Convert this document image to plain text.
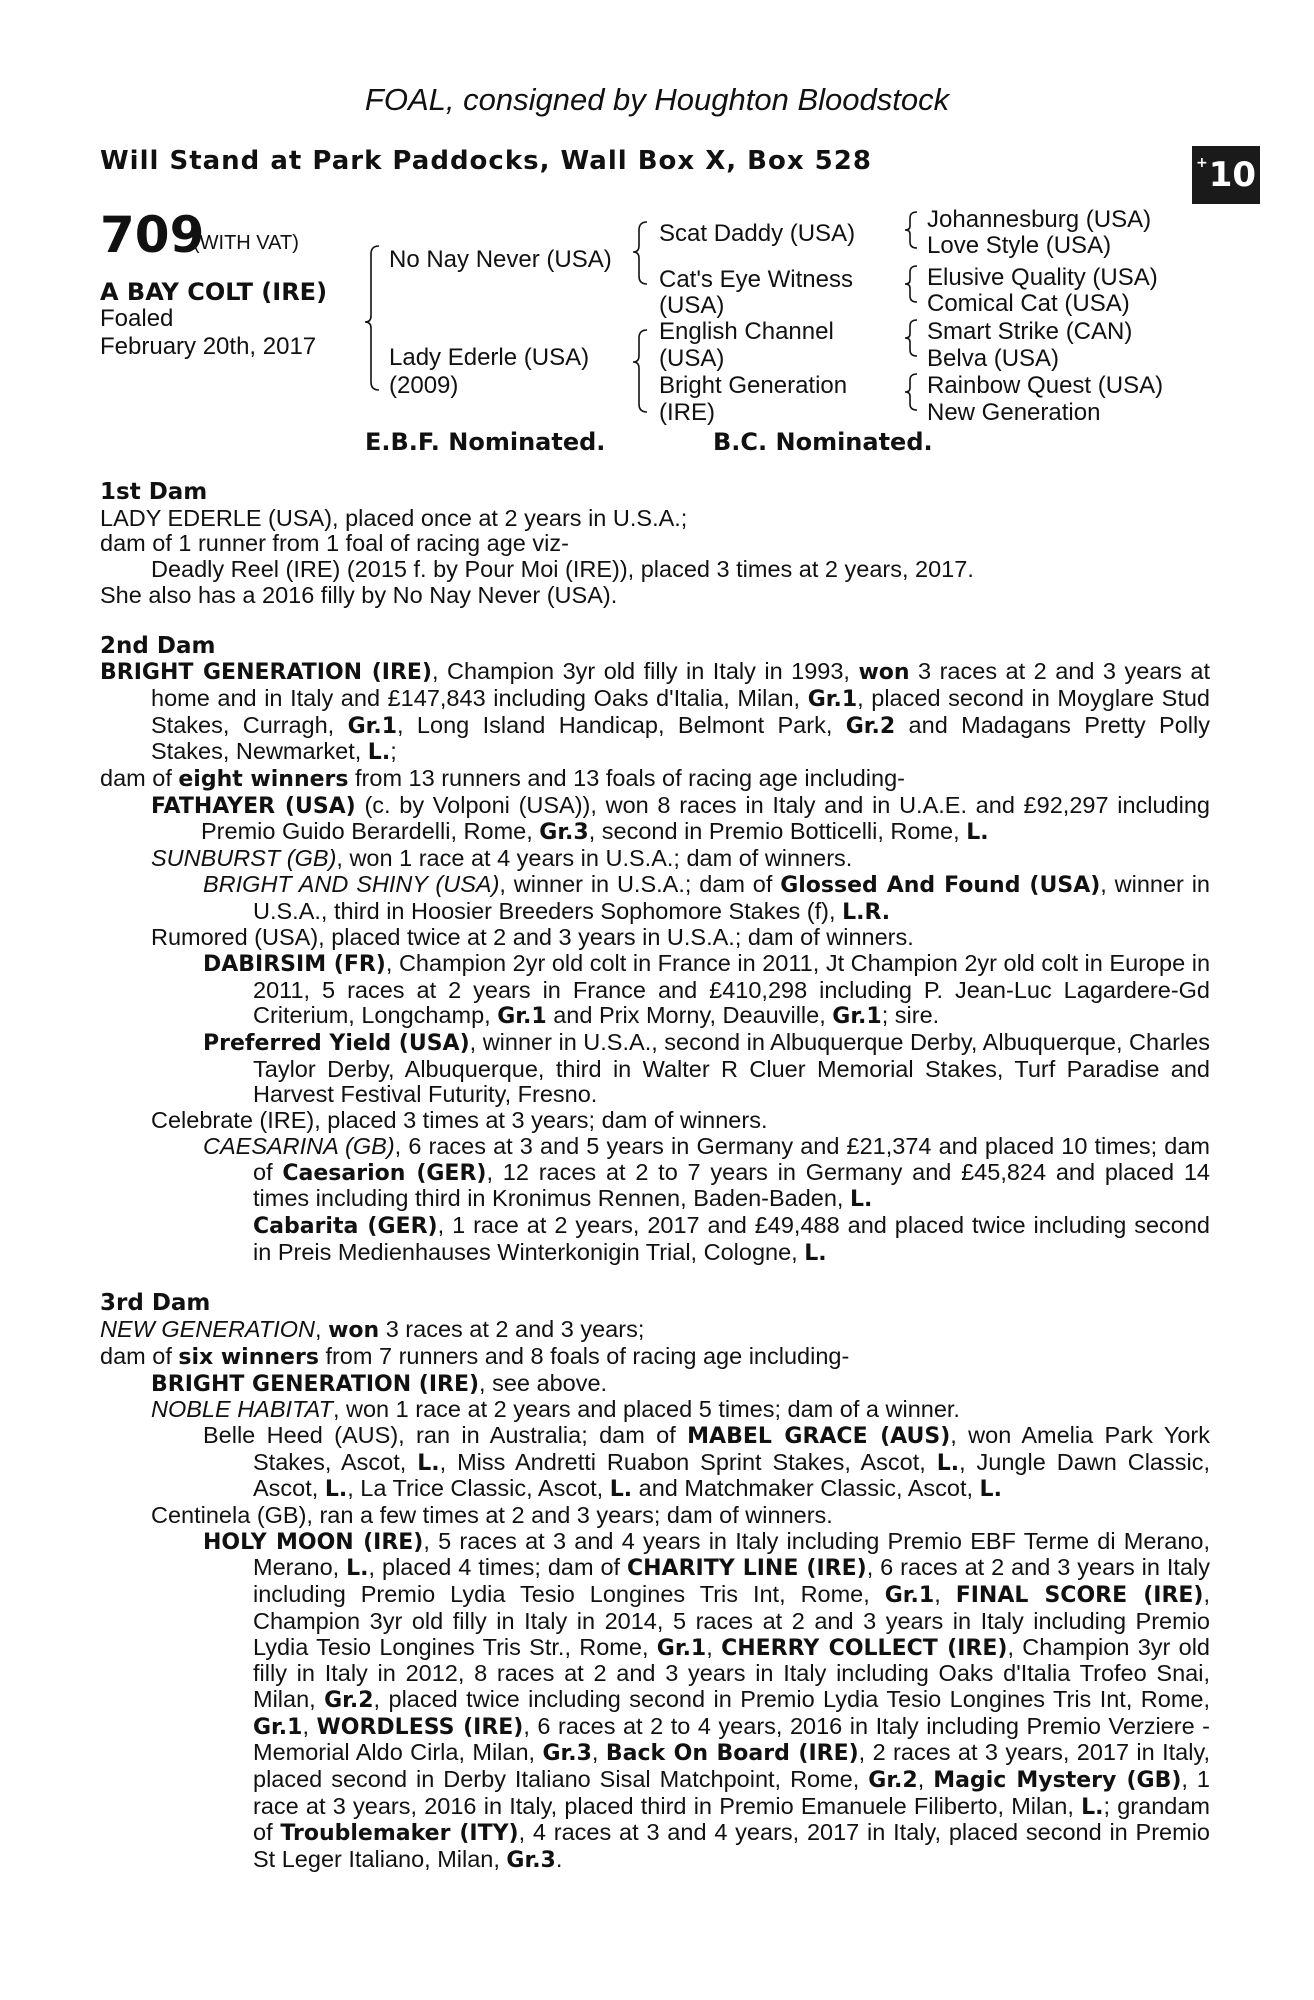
FOAL, consigned by Houghton Bloodstock
Will Stand at Park Paddocks, Wall Box X, Box 528	+ 10
709
(WITH VAT)
A BAY COLT (IRE)
Foaled
February 20th, 2017
No Nay Never (USA)
Lady Ederle (USA)
(2009)
Scat Daddy (USA)
Cat's Eye Witness
(USA)
English Channel
(USA)
Bright Generation
(IRE)
Johannesburg (USA)
Love Style (USA)
Elusive Quality (USA)
Comical Cat (USA)
Smart Strike (CAN)
Belva (USA)
Rainbow Quest (USA)
New Generation
E.B.F. Nominated.	B.C. Nominated.

1st Dam

LADY EDERLE (USA), placed once at 2 years in U.S.A.;

dam of 1 runner from 1 foal of racing age viz-

Deadly Reel (IRE) (2015 f. by Pour Moi (IRE)), placed 3 times at 2 years, 2017.

She also has a 2016 filly by No Nay Never (USA).

2nd Dam

BRIGHT GENERATION (IRE), Champion 3yr old filly in Italy in 1993, won 3 races at 2 and 3 years at home and in Italy and £147,843 including Oaks d'Italia, Milan, Gr.1, placed second in Moyglare Stud Stakes, Curragh, Gr.1, Long Island Handicap, Belmont Park, Gr.2 and Madagans Pretty Polly Stakes, Newmarket, L.;

dam of eight winners from 13 runners and 13 foals of racing age including-

FATHAYER (USA) (c. by Volponi (USA)), won 8 races in Italy and in U.A.E. and £92,297 including Premio Guido Berardelli, Rome, Gr.3, second in Premio Botticelli, Rome, L.

SUNBURST (GB), won 1 race at 4 years in U.S.A.; dam of winners.

BRIGHT AND SHINY (USA), winner in U.S.A.; dam of Glossed And Found (USA), winner in U.S.A., third in Hoosier Breeders Sophomore Stakes (f), L.R.

Rumored (USA), placed twice at 2 and 3 years in U.S.A.; dam of winners.

DABIRSIM (FR), Champion 2yr old colt in France in 2011, Jt Champion 2yr old colt in Europe in 2011, 5 races at 2 years in France and £410,298 including P. Jean-Luc Lagardere-Gd Criterium, Longchamp, Gr.1 and Prix Morny, Deauville, Gr.1; sire.

Preferred Yield (USA), winner in U.S.A., second in Albuquerque Derby, Albuquerque, Charles Taylor Derby, Albuquerque, third in Walter R Cluer Memorial Stakes, Turf Paradise and Harvest Festival Futurity, Fresno.

Celebrate (IRE), placed 3 times at 3 years; dam of winners.

CAESARINA (GB), 6 races at 3 and 5 years in Germany and £21,374 and placed 10 times; dam of Caesarion (GER), 12 races at 2 to 7 years in Germany and £45,824 and placed 14 times including third in Kronimus Rennen, Baden-Baden, L.
Cabarita (GER), 1 race at 2 years, 2017 and £49,488 and placed twice including second in Preis Medienhauses Winterkonigin Trial, Cologne, L.

3rd Dam

NEW GENERATION, won 3 races at 2 and 3 years;

dam of six winners from 7 runners and 8 foals of racing age including-

BRIGHT GENERATION (IRE), see above.

NOBLE HABITAT, won 1 race at 2 years and placed 5 times; dam of a winner.

Belle Heed (AUS), ran in Australia; dam of MABEL GRACE (AUS), won Amelia Park York Stakes, Ascot, L., Miss Andretti Ruabon Sprint Stakes, Ascot, L., Jungle Dawn Classic, Ascot, L., La Trice Classic, Ascot, L. and Matchmaker Classic, Ascot, L.

Centinela (GB), ran a few times at 2 and 3 years; dam of winners.

HOLY MOON (IRE), 5 races at 3 and 4 years in Italy including Premio EBF Terme di Merano, Merano, L., placed 4 times; dam of CHARITY LINE (IRE), 6 races at 2 and 3 years in Italy including Premio Lydia Tesio Longines Tris Int, Rome, Gr.1, FINAL SCORE (IRE), Champion 3yr old filly in Italy in 2014, 5 races at 2 and 3 years in Italy including Premio Lydia Tesio Longines Tris Str., Rome, Gr.1, CHERRY COLLECT (IRE), Champion 3yr old filly in Italy in 2012, 8 races at 2 and 3 years in Italy including Oaks d'Italia Trofeo Snai, Milan, Gr.2, placed twice including second in Premio Lydia Tesio Longines Tris Int, Rome, Gr.1, WORDLESS (IRE), 6 races at 2 to 4 years, 2016 in Italy including Premio Verziere - Memorial Aldo Cirla, Milan, Gr.3, Back On Board (IRE), 2 races at 3 years, 2017 in Italy, placed second in Derby Italiano Sisal Matchpoint, Rome, Gr.2, Magic Mystery (GB), 1 race at 3 years, 2016 in Italy, placed third in Premio Emanuele Filiberto, Milan, L.; grandam of Troublemaker (ITY), 4 races at 3 and 4 years, 2017 in Italy, placed second in Premio St Leger Italiano, Milan, Gr.3.
